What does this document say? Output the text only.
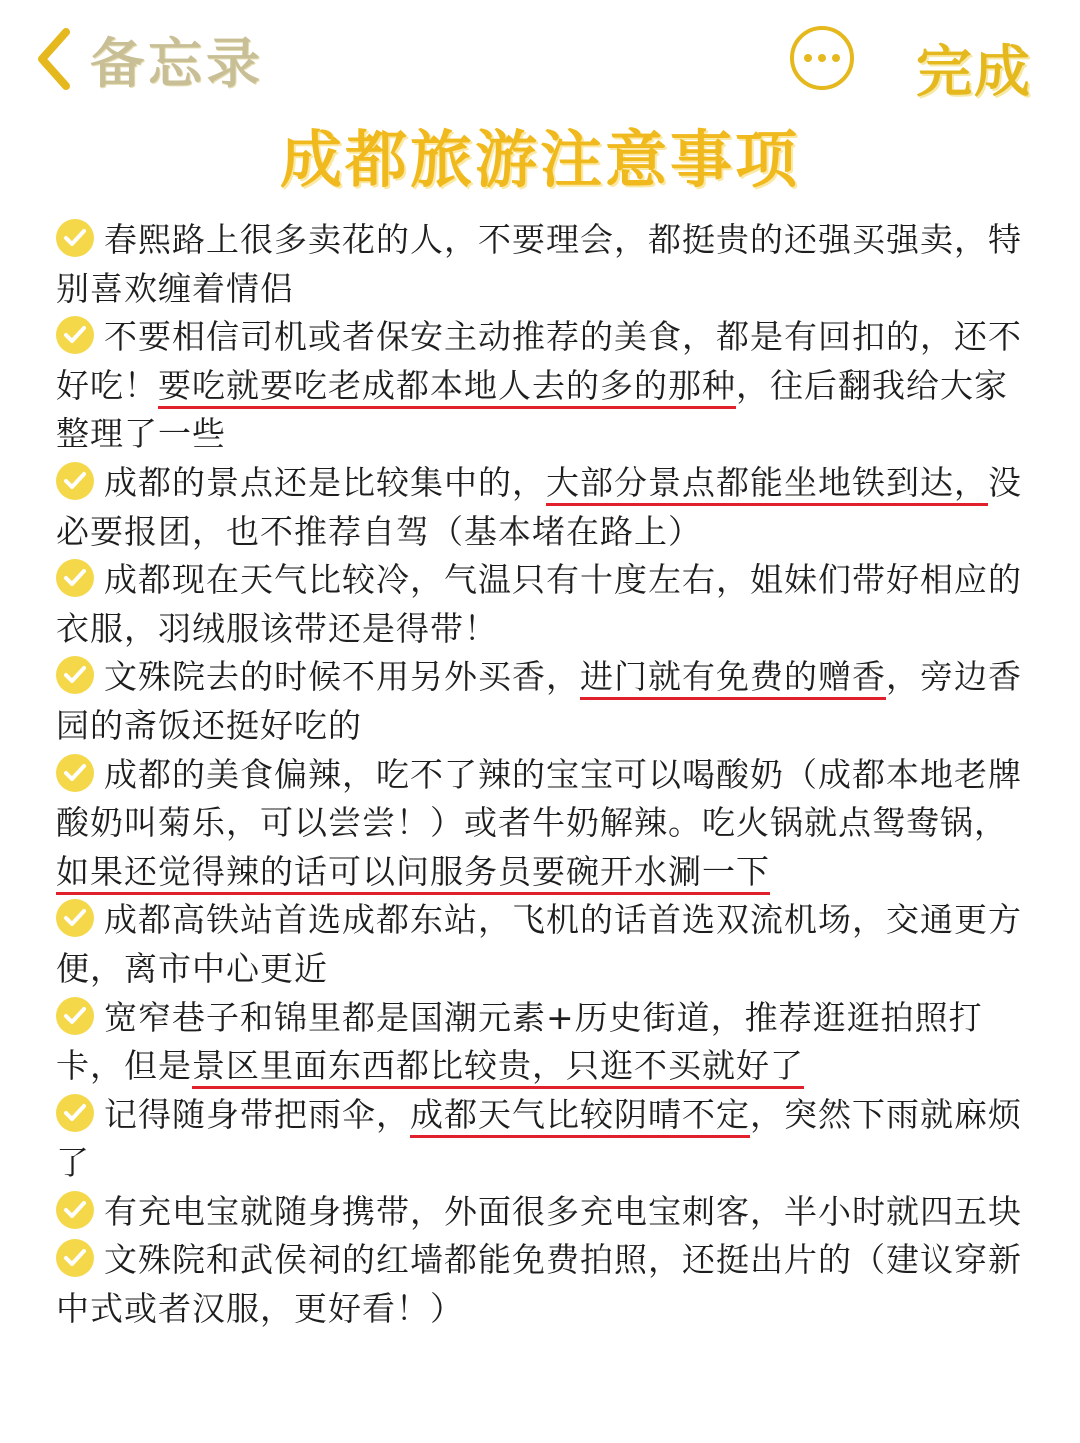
备忘录	完成
成都旅游注意事项

春熙路上很多卖花的人，不要理会，都挺贵的还强买强卖，特别喜欢缠着情侣

不要相信司机或者保安主动推荐的美食，都是有回扣的，还不好吃！要吃就要吃老成都本地人去的多的那种，往后翻我给大家整理了一些

成都的景点还是比较集中的，大部分景点都能坐地铁到达，没必要报团，也不推荐自驾（基本堵在路上）

成都现在天气比较冷，气温只有十度左右，姐妹们带好相应的衣服，羽绒服该带还是得带！

文殊院去的时候不用另外买香，进门就有免费的赠香，旁边香园的斋饭还挺好吃的

成都的美食偏辣，吃不了辣的宝宝可以喝酸奶（成都本地老牌酸奶叫菊乐，可以尝尝！）或者牛奶解辣。吃火锅就点鸳鸯锅，如果还觉得辣的话可以问服务员要碗开水涮一下

成都高铁站首选成都东站，飞机的话首选双流机场，交通更方便，离市中心更近

宽窄巷子和锦里都是国潮元素+历史街道，推荐逛逛拍照打卡，但是景区里面东西都比较贵，只逛不买就好了

记得随身带把雨伞，成都天气比较阴晴不定，突然下雨就麻烦了

有充电宝就随身携带，外面很多充电宝刺客，半小时就四五块

文殊院和武侯祠的红墙都能免费拍照，还挺出片的（建议穿新中式或者汉服，更好看！）
